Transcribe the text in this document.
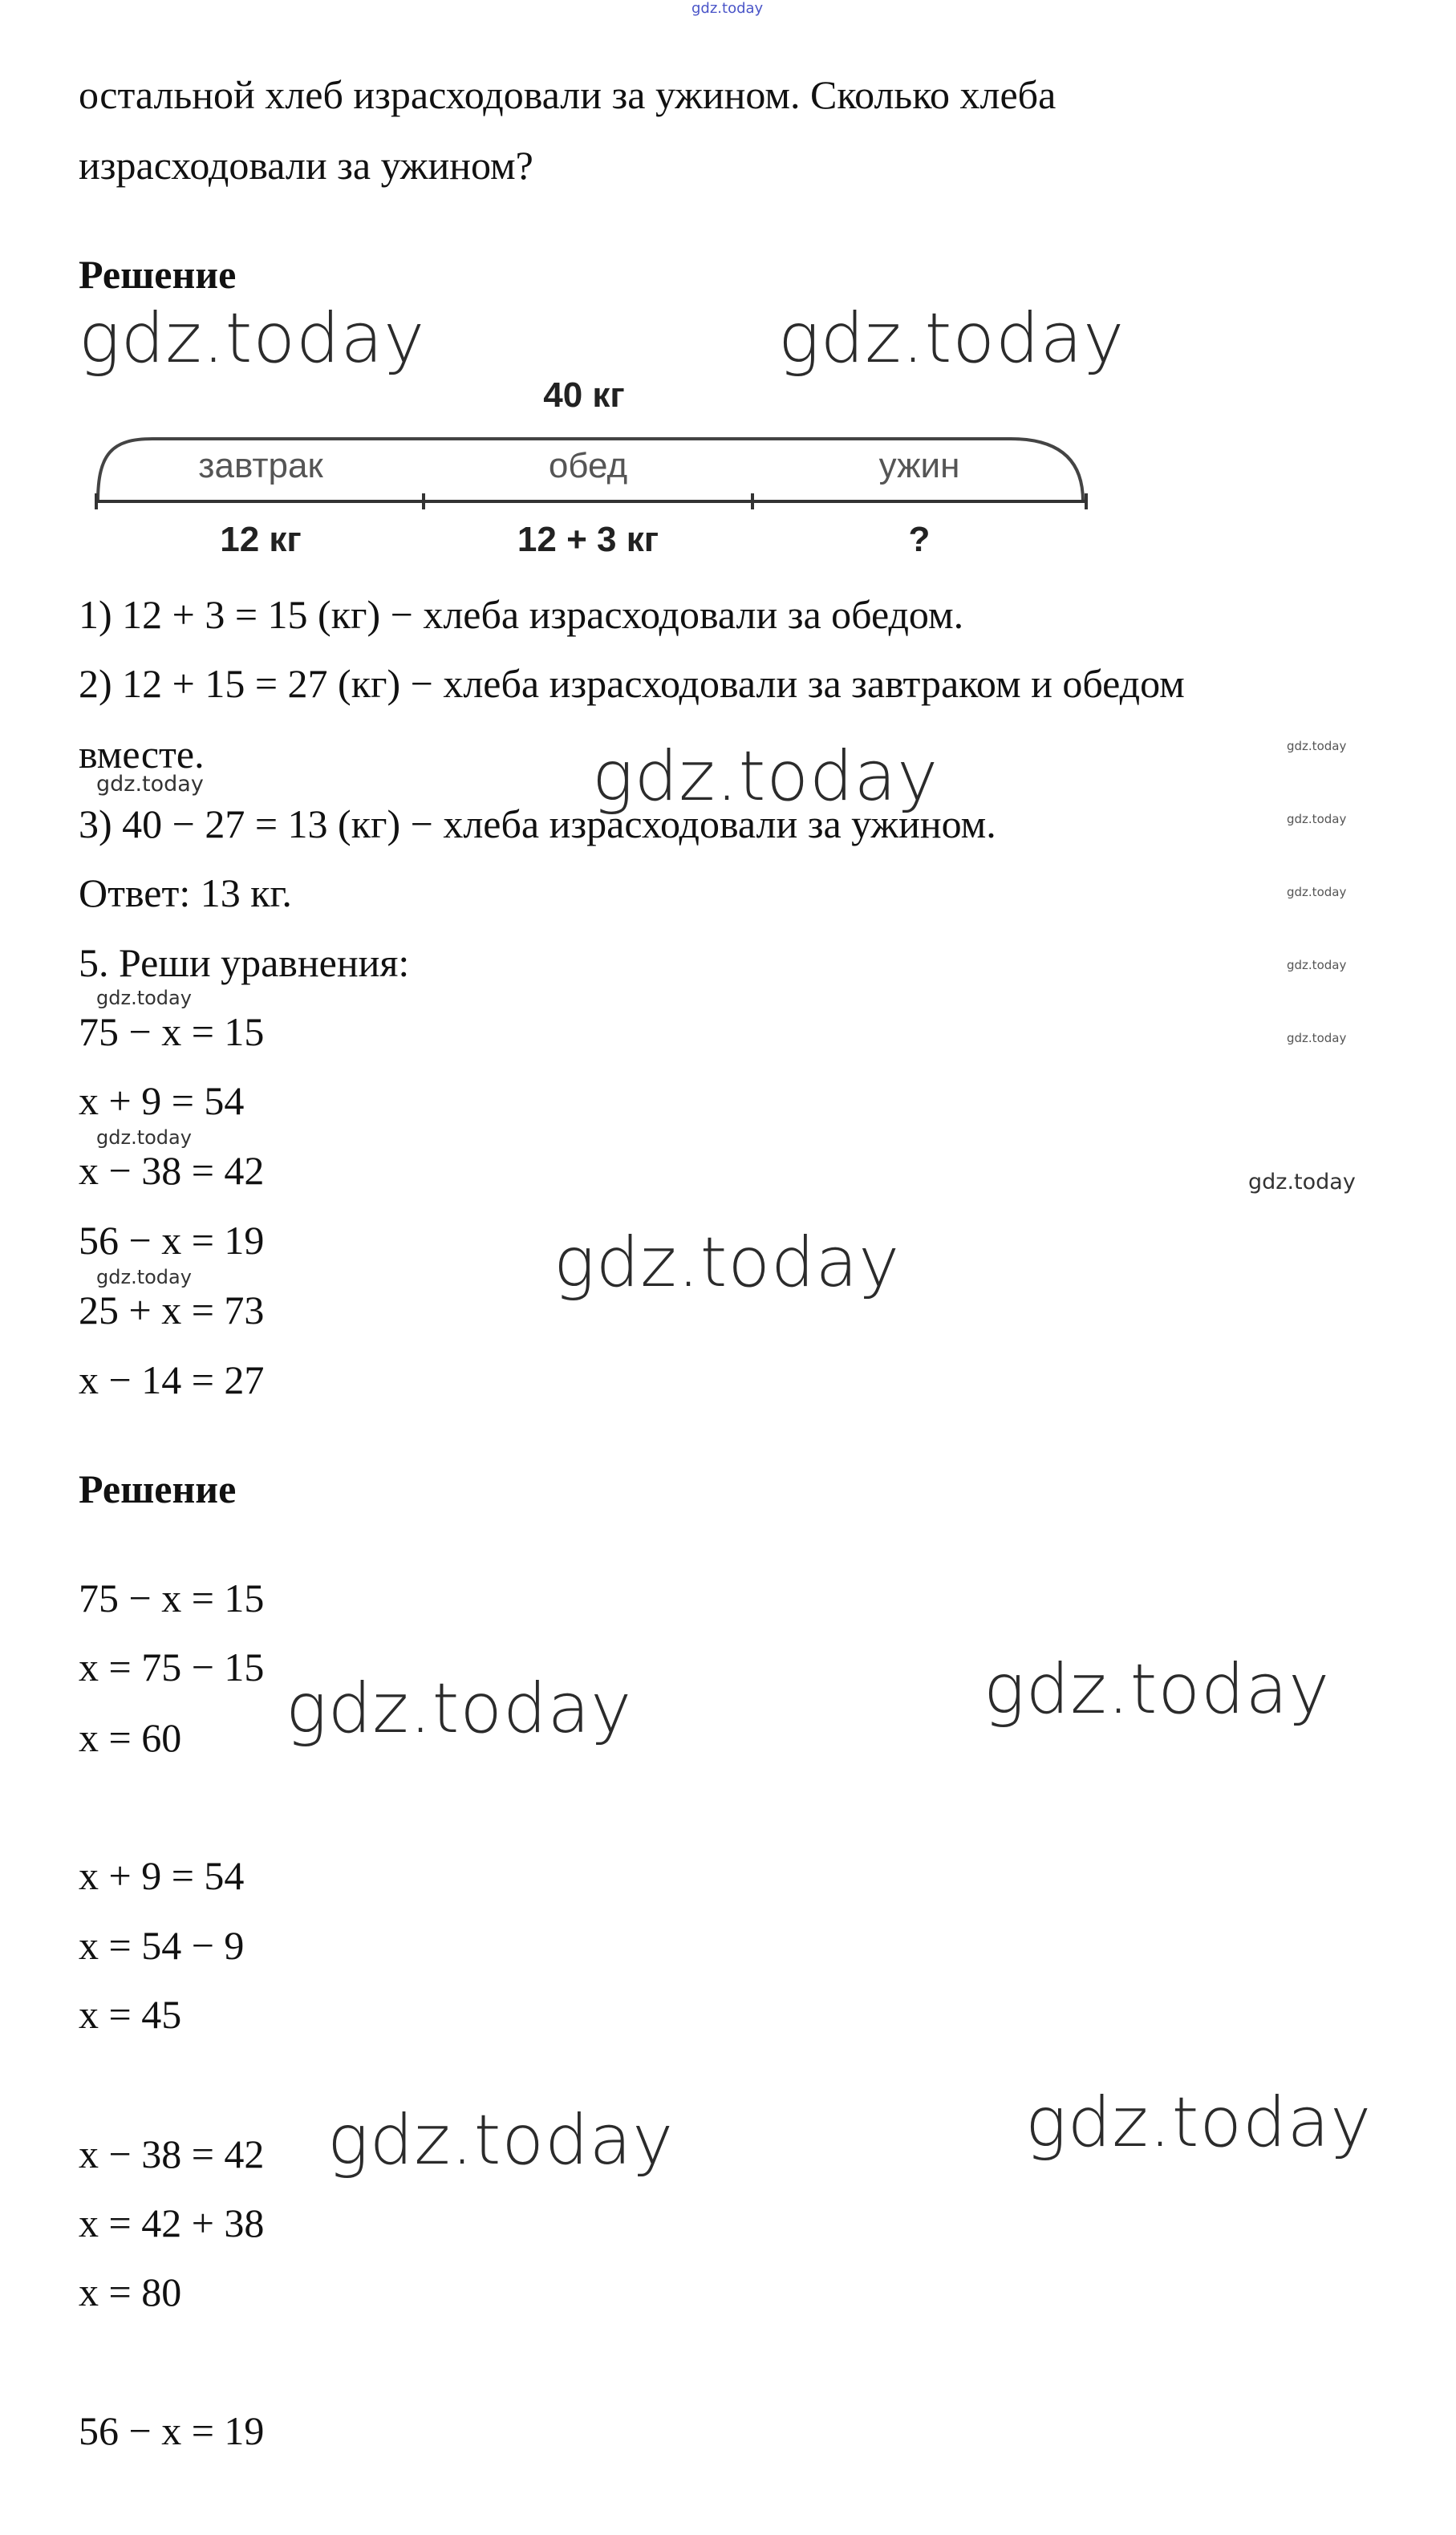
gdz.today
остальной хлеб израсходовали за ужином. Сколько хлеба
израсходовали за ужином?
Решение
gdz.today	gdz.today
40 кг
завтрак	обед	ужин
12 кг	12 + 3 кг	?
1) 12 + 3 = 15 (кг) − хлеба израсходовали за обедом.
2) 12 + 15 = 27 (кг) − хлеба израсходовали за завтраком и обедом
вместе.
3) 40 − 27 = 13 (кг) − хлеба израсходовали за ужином.
Ответ: 13 кг.
gdz.today
gdz.today
gdz.today
gdz.today
gdz.today
gdz.today
gdz.today
5. Реши уравнения:
gdz.today
75 − x = 15
x + 9 = 54
gdz.today
x − 38 = 42	gdz.today
56 − x = 19	gdz.today
gdz.today
25 + x = 73
x − 14 = 27
Решение
75 − x = 15
x = 75 − 15
x = 60 gdz.today	gdz.today
x + 9 = 54
x = 54 − 9
x = 45
x − 38 = 42
x = 42 + 38
x = 80
gdz.today	gdz.today
56 − x = 19
